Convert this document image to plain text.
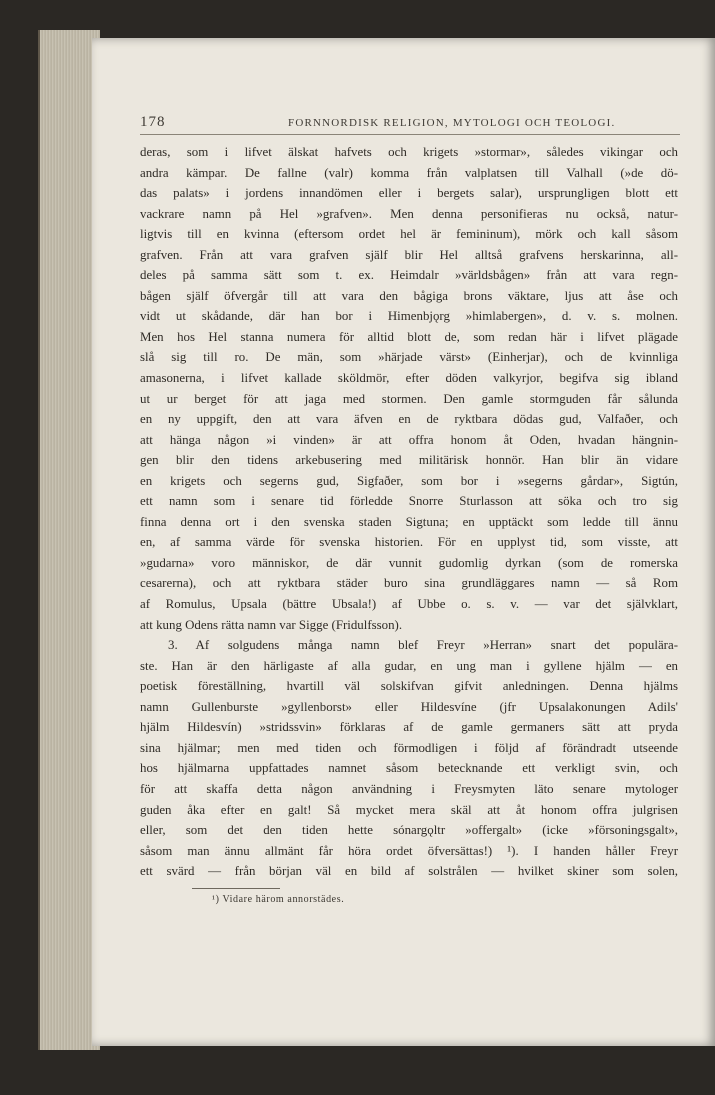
178	FORNNORDISK RELIGION, MYTOLOGI OCH TEOLOGI.
deras, som i lifvet älskat hafvets och krigets »stormar», således vikingar och
andra kämpar. De fallne (valr) komma från valplatsen till Valhall (»de dö-
das palats» i jordens innandömen eller i bergets salar), ursprungligen blott ett
vackrare namn på Hel »grafven». Men denna personifieras nu också, natur-
ligtvis till en kvinna (eftersom ordet hel är femininum), mörk och kall såsom
grafven. Från att vara grafven själf blir Hel alltså grafvens herskarinna, all-
deles på samma sätt som t. ex. Heimdalr »världsbågen» från att vara regn-
bågen själf öfvergår till att vara den bågiga brons väktare, ljus att åse och
vidt ut skådande, där han bor i Himenbjǫrg »himlabergen», d. v. s. molnen.
Men hos Hel stanna numera för alltid blott de, som redan här i lifvet plägade
slå sig till ro. De män, som »härjade värst» (Einherjar), och de kvinnliga
amasonerna, i lifvet kallade sköldmör, efter döden valkyrjor, begifva sig ibland
ut ur berget för att jaga med stormen. Den gamle stormguden får sålunda
en ny uppgift, den att vara äfven en de ryktbara dödas gud, Valfaðer, och
att hänga någon »i vinden» är att offra honom åt Oden, hvadan hängnin-
gen blir den tidens arkebusering med militärisk honnör. Han blir än vidare
en krigets och segerns gud, Sigfaðer, som bor i »segerns gårdar», Sigtún,
ett namn som i senare tid förledde Snorre Sturlasson att söka och tro sig
finna denna ort i den svenska staden Sigtuna; en upptäckt som ledde till ännu
en, af samma värde för svenska historien. För en upplyst tid, som visste, att
»gudarna» voro människor, de där vunnit gudomlig dyrkan (som de romerska
cesarerna), och att ryktbara städer buro sina grundläggares namn — så Rom
af Romulus, Upsala (bättre Ubsala!) af Ubbe o. s. v. — var det självklart,
att kung Odens rätta namn var Sigge (Fridulfsson).
3. Af solgudens många namn blef Freyr »Herran» snart det populära-
ste. Han är den härligaste af alla gudar, en ung man i gyllene hjälm — en
poetisk föreställning, hvartill väl solskifvan gifvit anledningen. Denna hjälms
namn Gullenburste »gyllenborst» eller Hildesvíne (jfr Upsalakonungen Adils'
hjälm Hildesvín) »stridssvin» förklaras af de gamle germaners sätt att pryda
sina hjälmar; men med tiden och förmodligen i följd af förändradt utseende
hos hjälmarna uppfattades namnet såsom betecknande ett verkligt svin, och
för att skaffa detta någon användning i Freysmyten läto senare mytologer
guden åka efter en galt! Så mycket mera skäl att åt honom offra julgrisen
eller, som det den tiden hette sónargǫltr »offergalt» (icke »försoningsgalt»,
såsom man ännu allmänt får höra ordet öfversättas!) ¹). I handen håller Freyr
ett svärd — från början väl en bild af solstrålen — hvilket skiner som solen,
¹) Vidare härom annorstädes.
